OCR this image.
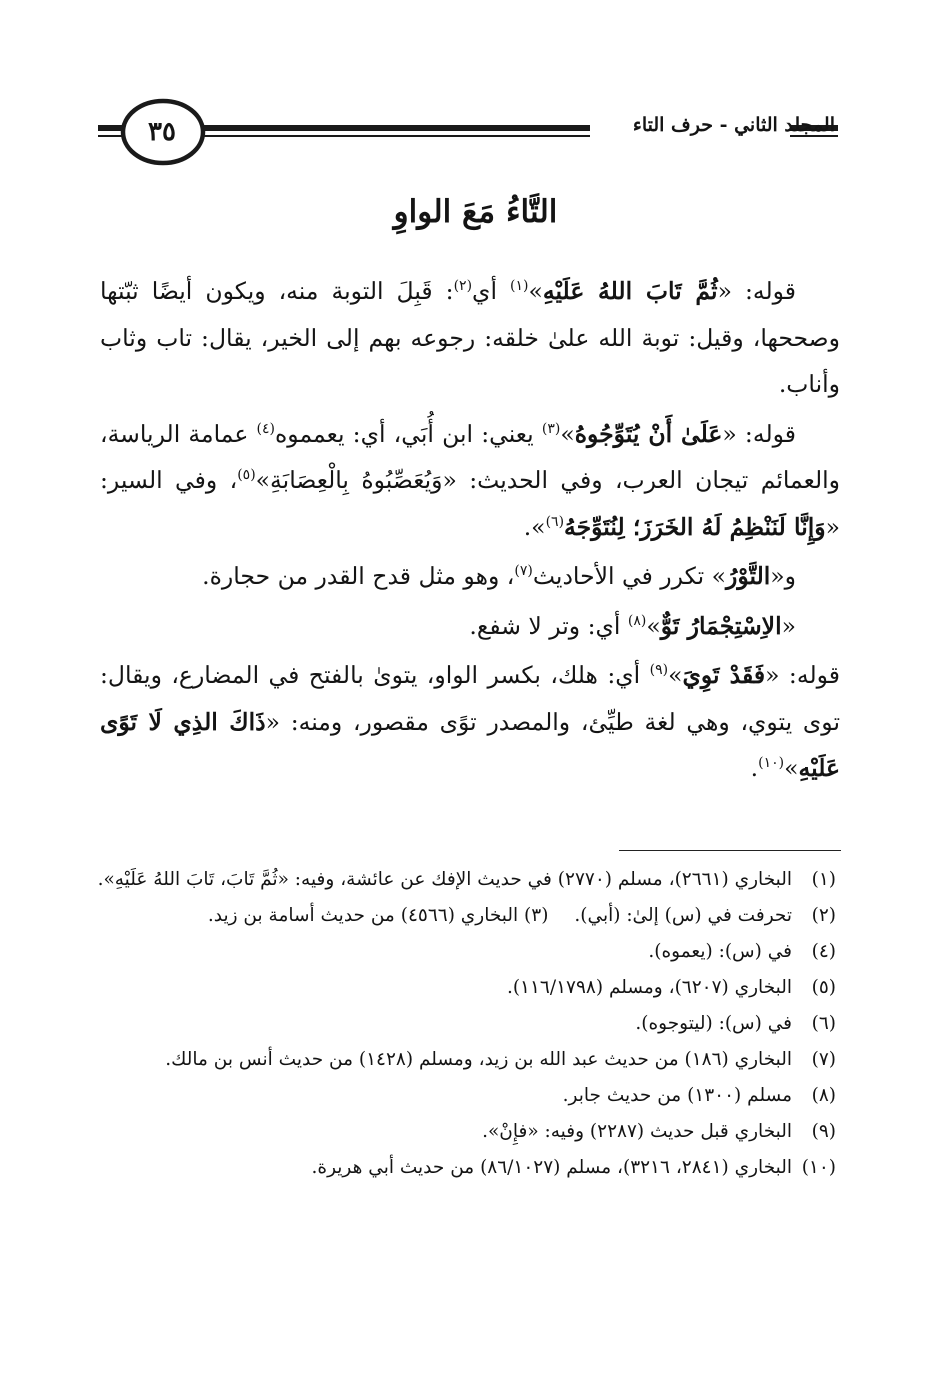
المجلد الثاني - حرف التاء
٣٥
التَّاءُ مَعَ الواوِ

قوله: «ثُمَّ تَابَ اللهُ عَلَيْهِ»$^{(١)}$ أي$^{(٢)}$: قَبِلَ التوبة منه، ويكون أيضًا ثبّتها وصححها، وقيل: توبة الله علىٰ خلقه: رجوعه بهم إلى الخير، يقال: تاب وثاب وأناب.

قوله: «عَلَىٰ أَنْ يُتَوِّجُوهُ»$^{(٣)}$ يعني: ابن أُبَي، أي: يعمموه$^{(٤)}$ عمامة الرياسة، والعمائم تيجان العرب، وفي الحديث: «وَيُعَصِّبُوهُ بِالْعِصَابَةِ»$^{(٥)}$، وفي السير: «وَإِنَّا لَنَنْظِمُ لَهُ الخَرَزَ؛ لِنُتَوِّجَهُ$^{(٦)}$».

و«التَّوْرُ» تكرر في الأحاديث$^{(٧)}$، وهو مثل قدح القدر من حجارة.

«الاِسْتِجْمَارُ تَوٌّ»$^{(٨)}$ أي: وتر لا شفع.

قوله: «فَقَدْ تَوِيَ»$^{(٩)}$ أي: هلك، بكسر الواو، يتوىٰ بالفتح في المضارع، ويقال: توى يتوي، وهي لغة طيِّئ، والمصدر توًى مقصور، ومنه: «ذَاكَ الذِي لَا تَوًى عَلَيْهِ»$^{(١٠)}$.

(١)
البخاري (٢٦٦١)، مسلم (٢٧٧٠) في حديث الإفك عن عائشة، وفيه: «ثُمَّ تَابَ، تَابَ اللهُ عَلَيْهِ».
(٢)
تحرفت في (س) إلىٰ: (أبي).(٣) البخاري (٤٥٦٦) من حديث أسامة بن زيد.
(٤)
في (س): (يعموه).
(٥)
البخاري (٦٢٠٧)، ومسلم (١١٦/١٧٩٨).
(٦)
في (س): (ليتوجوه).
(٧)
البخاري (١٨٦) من حديث عبد الله بن زيد، ومسلم (١٤٢٨) من حديث أنس بن مالك.
(٨)
مسلم (١٣٠٠) من حديث جابر.
(٩)
البخاري قبل حديث (٢٢٨٧) وفيه: «فإِنْ».
(١٠)
البخاري (٢٨٤١، ٣٢١٦)، مسلم (٨٦/١٠٢٧) من حديث أبي هريرة.
